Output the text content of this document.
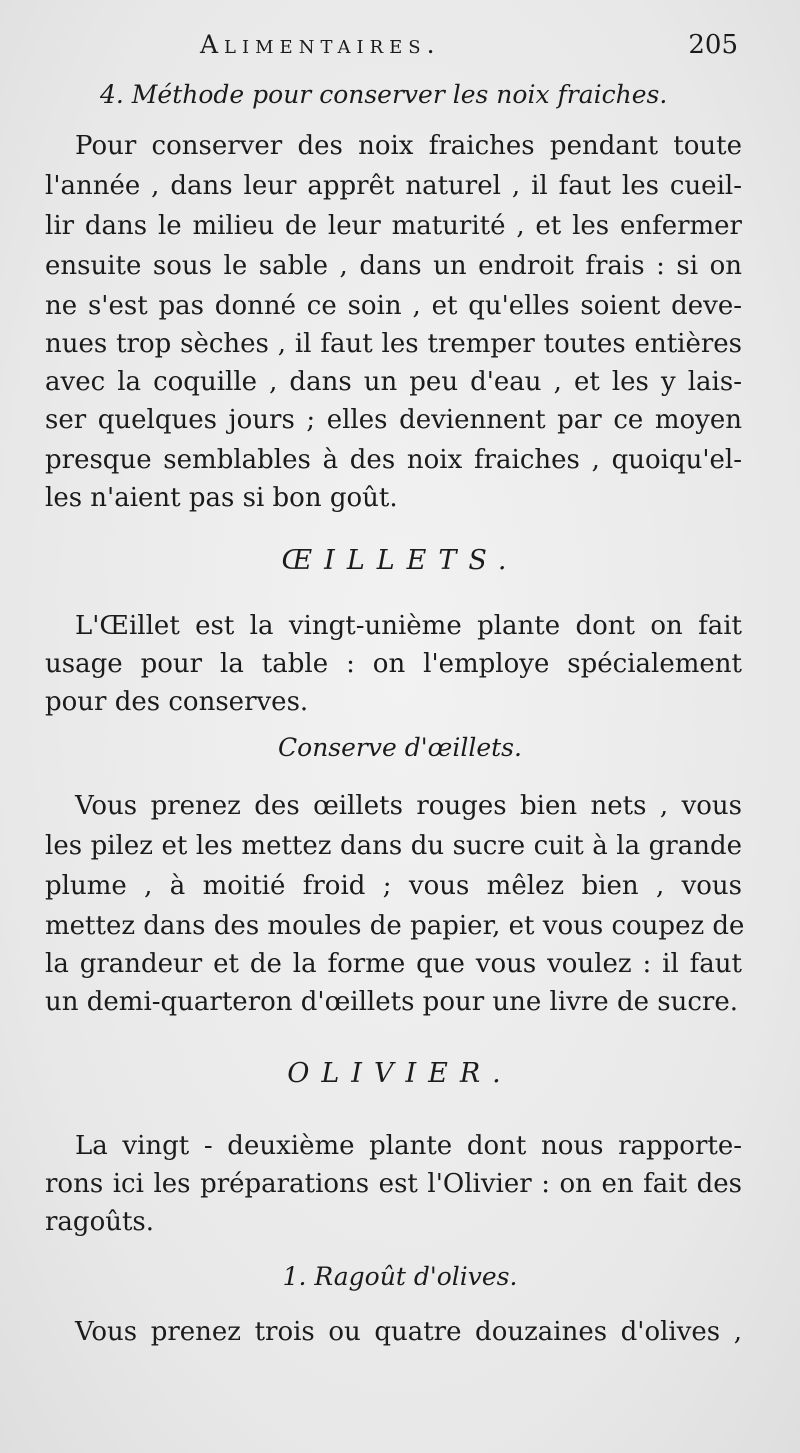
Alimentaires.	205
4. Méthode pour conserver les noix fraiches.
Pour conserver des noix fraiches pendant toute
l'année , dans leur apprêt naturel , il faut les cueil-
lir dans le milieu de leur maturité , et les enfermer
ensuite sous le sable , dans un endroit frais : si on
ne s'est pas donné ce soin , et qu'elles soient deve-
nues trop sèches , il faut les tremper toutes entières
avec la coquille , dans un peu d'eau , et les y lais-
ser quelques jours ; elles deviennent par ce moyen
presque semblables à des noix fraiches , quoiqu'el-
les n'aient pas si bon goût.
ŒILLETS.
L'Œillet est la vingt-unième plante dont on fait
usage pour la table : on l'employe spécialement
pour des conserves.
Conserve d'œillets.
Vous prenez des œillets rouges bien nets , vous
les pilez et les mettez dans du sucre cuit à la grande
plume , à moitié froid ; vous mêlez bien , vous
mettez dans des moules de papier, et vous coupez de
la grandeur et de la forme que vous voulez : il faut
un demi-quarteron d'œillets pour une livre de sucre.
OLIVIER.
La vingt - deuxième plante dont nous rapporte-
rons ici les préparations est l'Olivier : on en fait des
ragoûts.
1. Ragoût d'olives.
Vous prenez trois ou quatre douzaines d'olives ,
